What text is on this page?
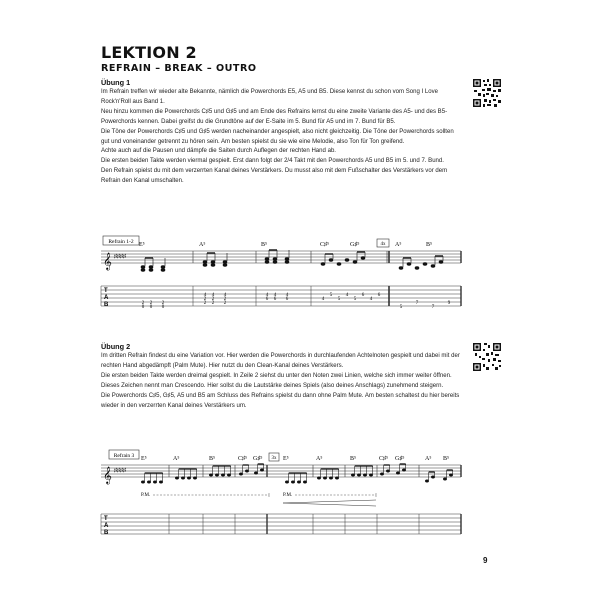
LEKTION 2
REFRAIN – BREAK – OUTRO
Übung 1

Im Refrain treffen wir wieder alte Bekannte, nämlich die Powerchords E5, A5 und B5. Diese kennst du schon vom Song I Love Rock'n'Roll aus Band 1.

Neu hinzu kommen die Powerchords C♯5 und G♯5 und am Ende des Refrains lernst du eine zweite Variante des A5- und des B5-Powerchords kennen. Dabei greifst du die Grundtöne auf der E-Saite im 5. Bund für A5 und im 7. Bund für B5.

Die Töne der Powerchords C♯5 und G♯5 werden nacheinander angespielt, also nicht gleichzeitig. Die Töne der Powerchords sollten gut und voneinander getrennt zu hören sein. Am besten spielst du sie wie eine Melodie, also Ton für Ton greifend.

Achte auch auf die Pausen und dämpfe die Saiten durch Auflegen der rechten Hand ab.

Die ersten beiden Takte werden viermal gespielt. Erst dann folgt der 2/4 Takt mit den Powerchords A5 und B5 im 5. und 7. Bund.

Den Refrain spielst du mit dem verzerrten Kanal deines Verstärkers. Du musst also mit dem Fußschalter des Verstärkers vor dem Refrain den Kanal umschalten.

Refrain 1-2 E⁵	A⁵	B⁵	C♯⁵	G♯⁵	4x A⁵	B⁵
𝄞 ♯♯♯♯
T
A
B	2 2
0 0
2
0
4 4
2 2
2 2
4
2
2
4 4
6 6
4
6	4
5
5
4
5
6
4
6
5
7
7
9
Übung 2

Im dritten Refrain findest du eine Variation vor. Hier werden die Powerchords in durchlaufenden Achtelnoten gespielt und dabei mit der rechten Hand abgedämpft (Palm Mute). Hier nutzt du den Clean-Kanal deines Verstärkers.

Die ersten beiden Takte werden dreimal gespielt. In Zeile 2 siehst du unter den Noten zwei Linien, welche sich immer weiter öffnen. Dieses Zeichen nennt man Crescendo. Hier sollst du die Lautstärke deines Spiels (also deines Anschlags) zunehmend steigern.

Die Powerchords C♯5, G♯5, A5 und B5 am Schluss des Refrains spielst du dann ohne Palm Mute. Am besten schaltest du hier bereits wieder in den verzerrten Kanal deines Verstärkers um.

Refrain 3 E⁵	A⁵	B⁵	C♯⁵ G♯⁵ 3x E⁵	A⁵	B⁵	C♯⁵ G♯⁵	A⁵ B⁵
𝄞 ♯♯♯♯
P.M.	P.M.
T
A
B
9
